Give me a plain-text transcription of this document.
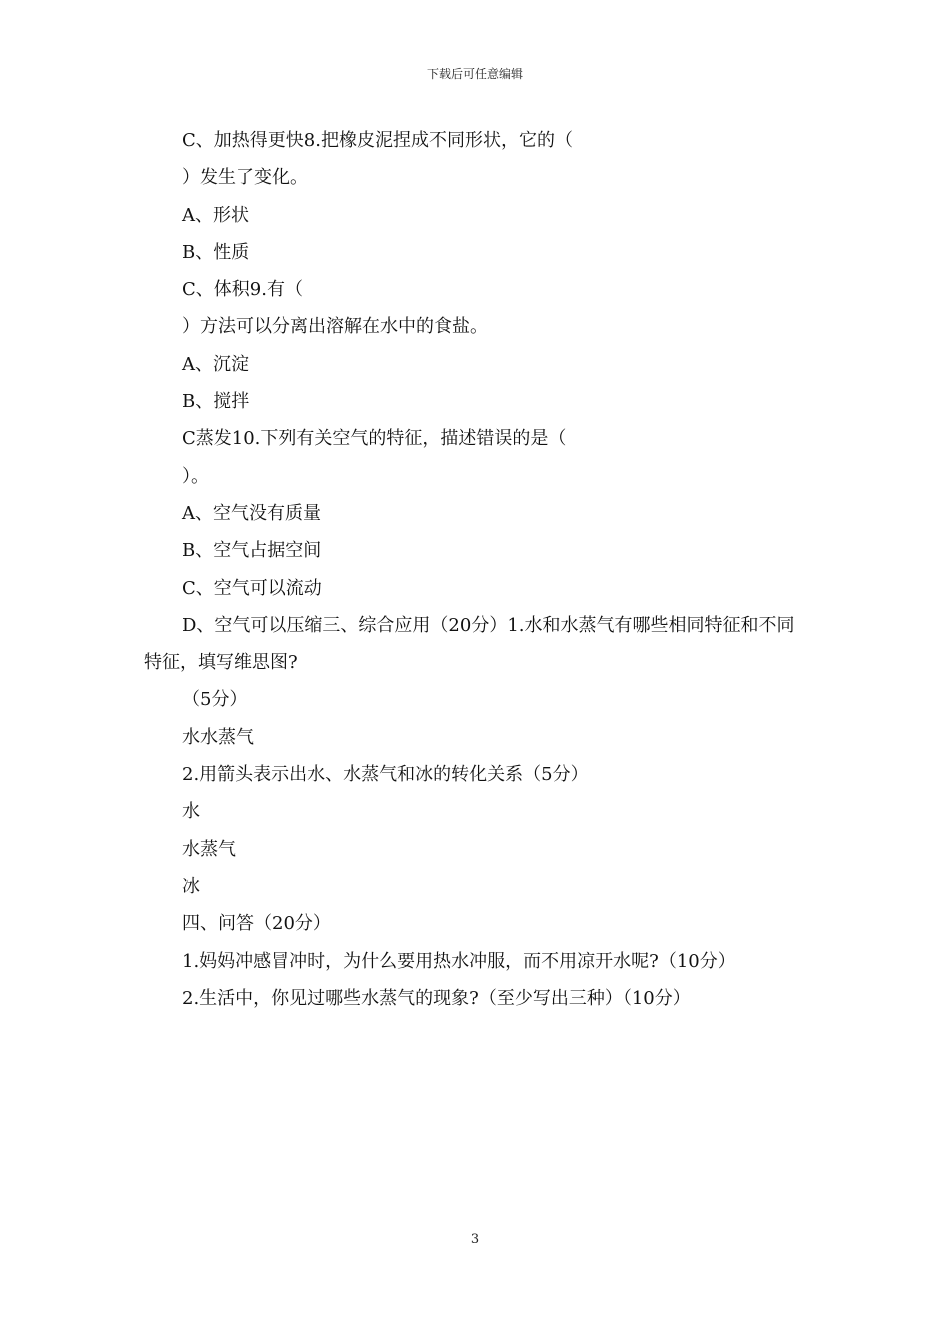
下载后可任意编辑

C、加热得更快8.把橡皮泥捏成不同形状，它的（

）发生了变化。

A、形状

B、性质

C、体积9.有（

）方法可以分离出溶解在水中的食盐。

A、沉淀

B、搅拌

C蒸发10.下列有关空气的特征，描述错误的是（

）。

A、空气没有质量

B、空气占据空间

C、空气可以流动

D、空气可以压缩三、综合应用（20分）1.水和水蒸气有哪些相同特征和不同特征，填写维思图?

（5分）

水水蒸气

2.用箭头表示出水、水蒸气和冰的转化关系（5分）

水

水蒸气

冰

四、问答（20分）

1.妈妈冲感冒冲时，为什么要用热水冲服，而不用凉开水呢?（10分）

2.生活中，你见过哪些水蒸气的现象?（至少写出三种）（10分）

3
